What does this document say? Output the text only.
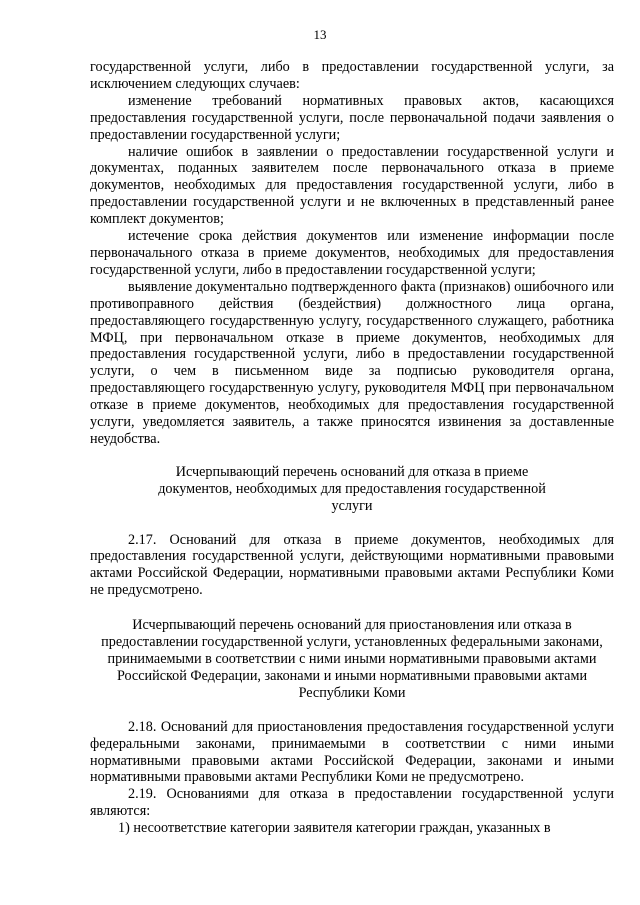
13

государственной услуги, либо в предоставлении государственной услуги, за исключением следующих случаев:

изменение требований нормативных правовых актов, касающихся предоставления государственной услуги, после первоначальной подачи заявления о предоставлении государственной услуги;

наличие ошибок в заявлении о предоставлении государственной услуги и документах, поданных заявителем после первоначального отказа в приеме документов, необходимых для предоставления государственной услуги, либо в предоставлении государственной услуги и не включенных в представленный ранее комплект документов;

истечение срока действия документов или изменение информации после первоначального отказа в приеме документов, необходимых для предоставления государственной услуги, либо в предоставлении государственной услуги;

выявление документально подтвержденного факта (признаков) ошибочного или противоправного действия (бездействия) должностного лица органа, предоставляющего государственную услугу, государственного служащего, работника МФЦ, при первоначальном отказе в приеме документов, необходимых для предоставления государственной услуги, либо в предоставлении государственной услуги, о чем в письменном виде за подписью руководителя органа, предоставляющего государственную услугу, руководителя МФЦ при первоначальном отказе в приеме документов, необходимых для предоставления государственной услуги, уведомляется заявитель, а также приносятся извинения за доставленные неудобства.

Исчерпывающий перечень оснований для отказа в приеме документов, необходимых для предоставления государственной услуги

2.17. Оснований для отказа в приеме документов, необходимых для предоставления государственной услуги, действующими нормативными правовыми актами Российской Федерации, нормативными правовыми актами Республики Коми не предусмотрено.

Исчерпывающий перечень оснований для приостановления или отказа в предоставлении государственной услуги, установленных федеральными законами, принимаемыми в соответствии с ними иными нормативными правовыми актами Российской Федерации, законами и иными нормативными правовыми актами Республики Коми

2.18. Оснований для приостановления предоставления государственной услуги федеральными законами, принимаемыми в соответствии с ними иными нормативными правовыми актами Российской Федерации, законами и иными нормативными правовыми актами Республики Коми не предусмотрено.

2.19. Основаниями для отказа в предоставлении государственной услуги являются:

1) несоответствие категории заявителя категории граждан, указанных в
